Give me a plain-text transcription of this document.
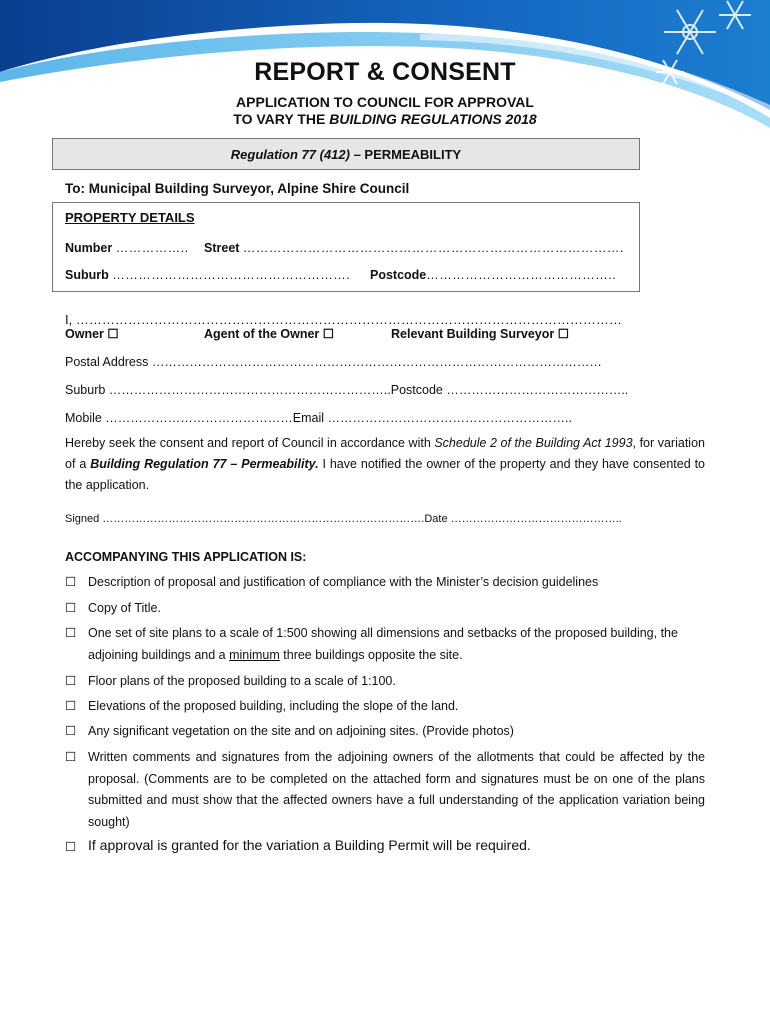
REPORT & CONSENT
APPLICATION TO COUNCIL FOR APPROVAL
TO VARY THE BUILDING REGULATIONS 2018
Regulation 77 (412) – PERMEABILITY
To: Municipal Building Surveyor, Alpine Shire Council
PROPERTY DETAILS
Number …………….. Street …………………………………………………………………………….
Suburb ………………………………………………. Postcode……………………………………..
I, ………………………………………………………………………………………………………………
Owner ☐	Agent of the Owner ☐	Relevant Building Surveyor ☐
Postal Address ………………………………………………………………………………………………
Suburb …………………………………………………………..Postcode ……………………………………..
Mobile ………………………………………Email …………………………………………………..
Hereby seek the consent and report of Council in accordance with Schedule 2 of the Building Act 1993, for variation of a Building Regulation 77 – Permeability. I have notified the owner of the property and they have consented to the application.
Signed …………………………………………………………………………….Date ………………………………………..
ACCOMPANYING THIS APPLICATION IS:
☐ Description of proposal and justification of compliance with the Minister’s decision guidelines
☐ Copy of Title.
☐ One set of site plans to a scale of 1:500 showing all dimensions and setbacks of the proposed building, the
adjoining buildings and a minimum three buildings opposite the site.
☐ Floor plans of the proposed building to a scale of 1:100.
☐ Elevations of the proposed building, including the slope of the land.
☐ Any significant vegetation on the site and on adjoining sites. (Provide photos)
☐ Written comments and signatures from the adjoining owners of the allotments that could be affected by the proposal. (Comments are to be completed on the attached form and signatures must be on one of the plans submitted and must show that the affected owners have a full understanding of the application variation being sought)
☐ If approval is granted for the variation a Building Permit will be required.
